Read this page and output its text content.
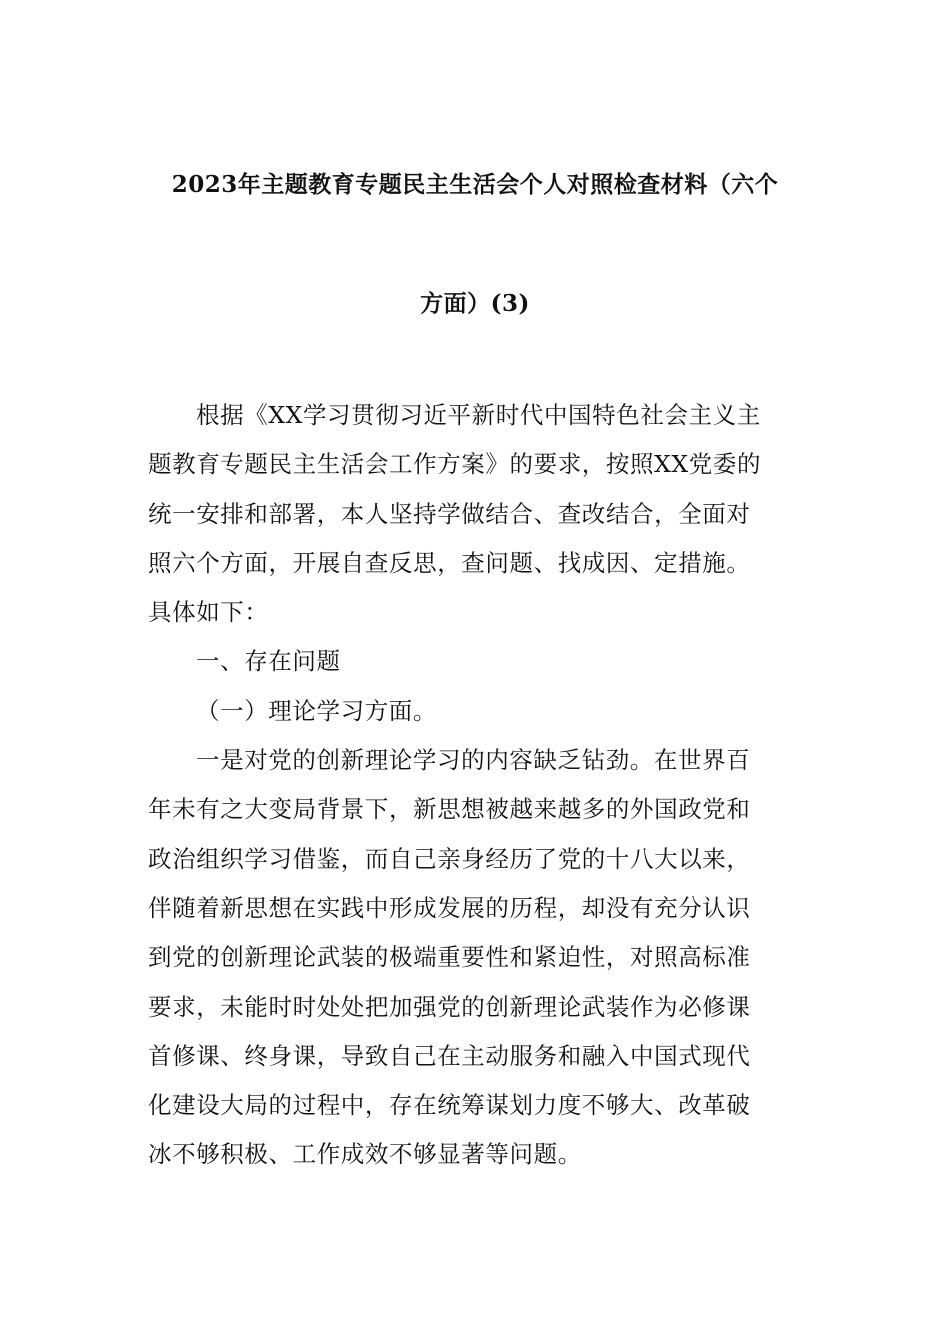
2023年主题教育专题民主生活会个人对照检查材料（六个
方面）(3)
根据《XX学习贯彻习近平新时代中国特色社会主义主
题教育专题民主生活会工作方案》的要求，按照XX党委的
统一安排和部署，本人坚持学做结合、查改结合，全面对
照六个方面，开展自查反思，查问题、找成因、定措施。
具体如下：
一、存在问题
（一）理论学习方面。
一是对党的创新理论学习的内容缺乏钻劲。在世界百
年未有之大变局背景下，新思想被越来越多的外国政党和
政治组织学习借鉴，而自己亲身经历了党的十八大以来，
伴随着新思想在实践中形成发展的历程，却没有充分认识
到党的创新理论武装的极端重要性和紧迫性，对照高标准
要求，未能时时处处把加强党的创新理论武装作为必修课
首修课、终身课，导致自己在主动服务和融入中国式现代
化建设大局的过程中，存在统筹谋划力度不够大、改革破
冰不够积极、工作成效不够显著等问题。
